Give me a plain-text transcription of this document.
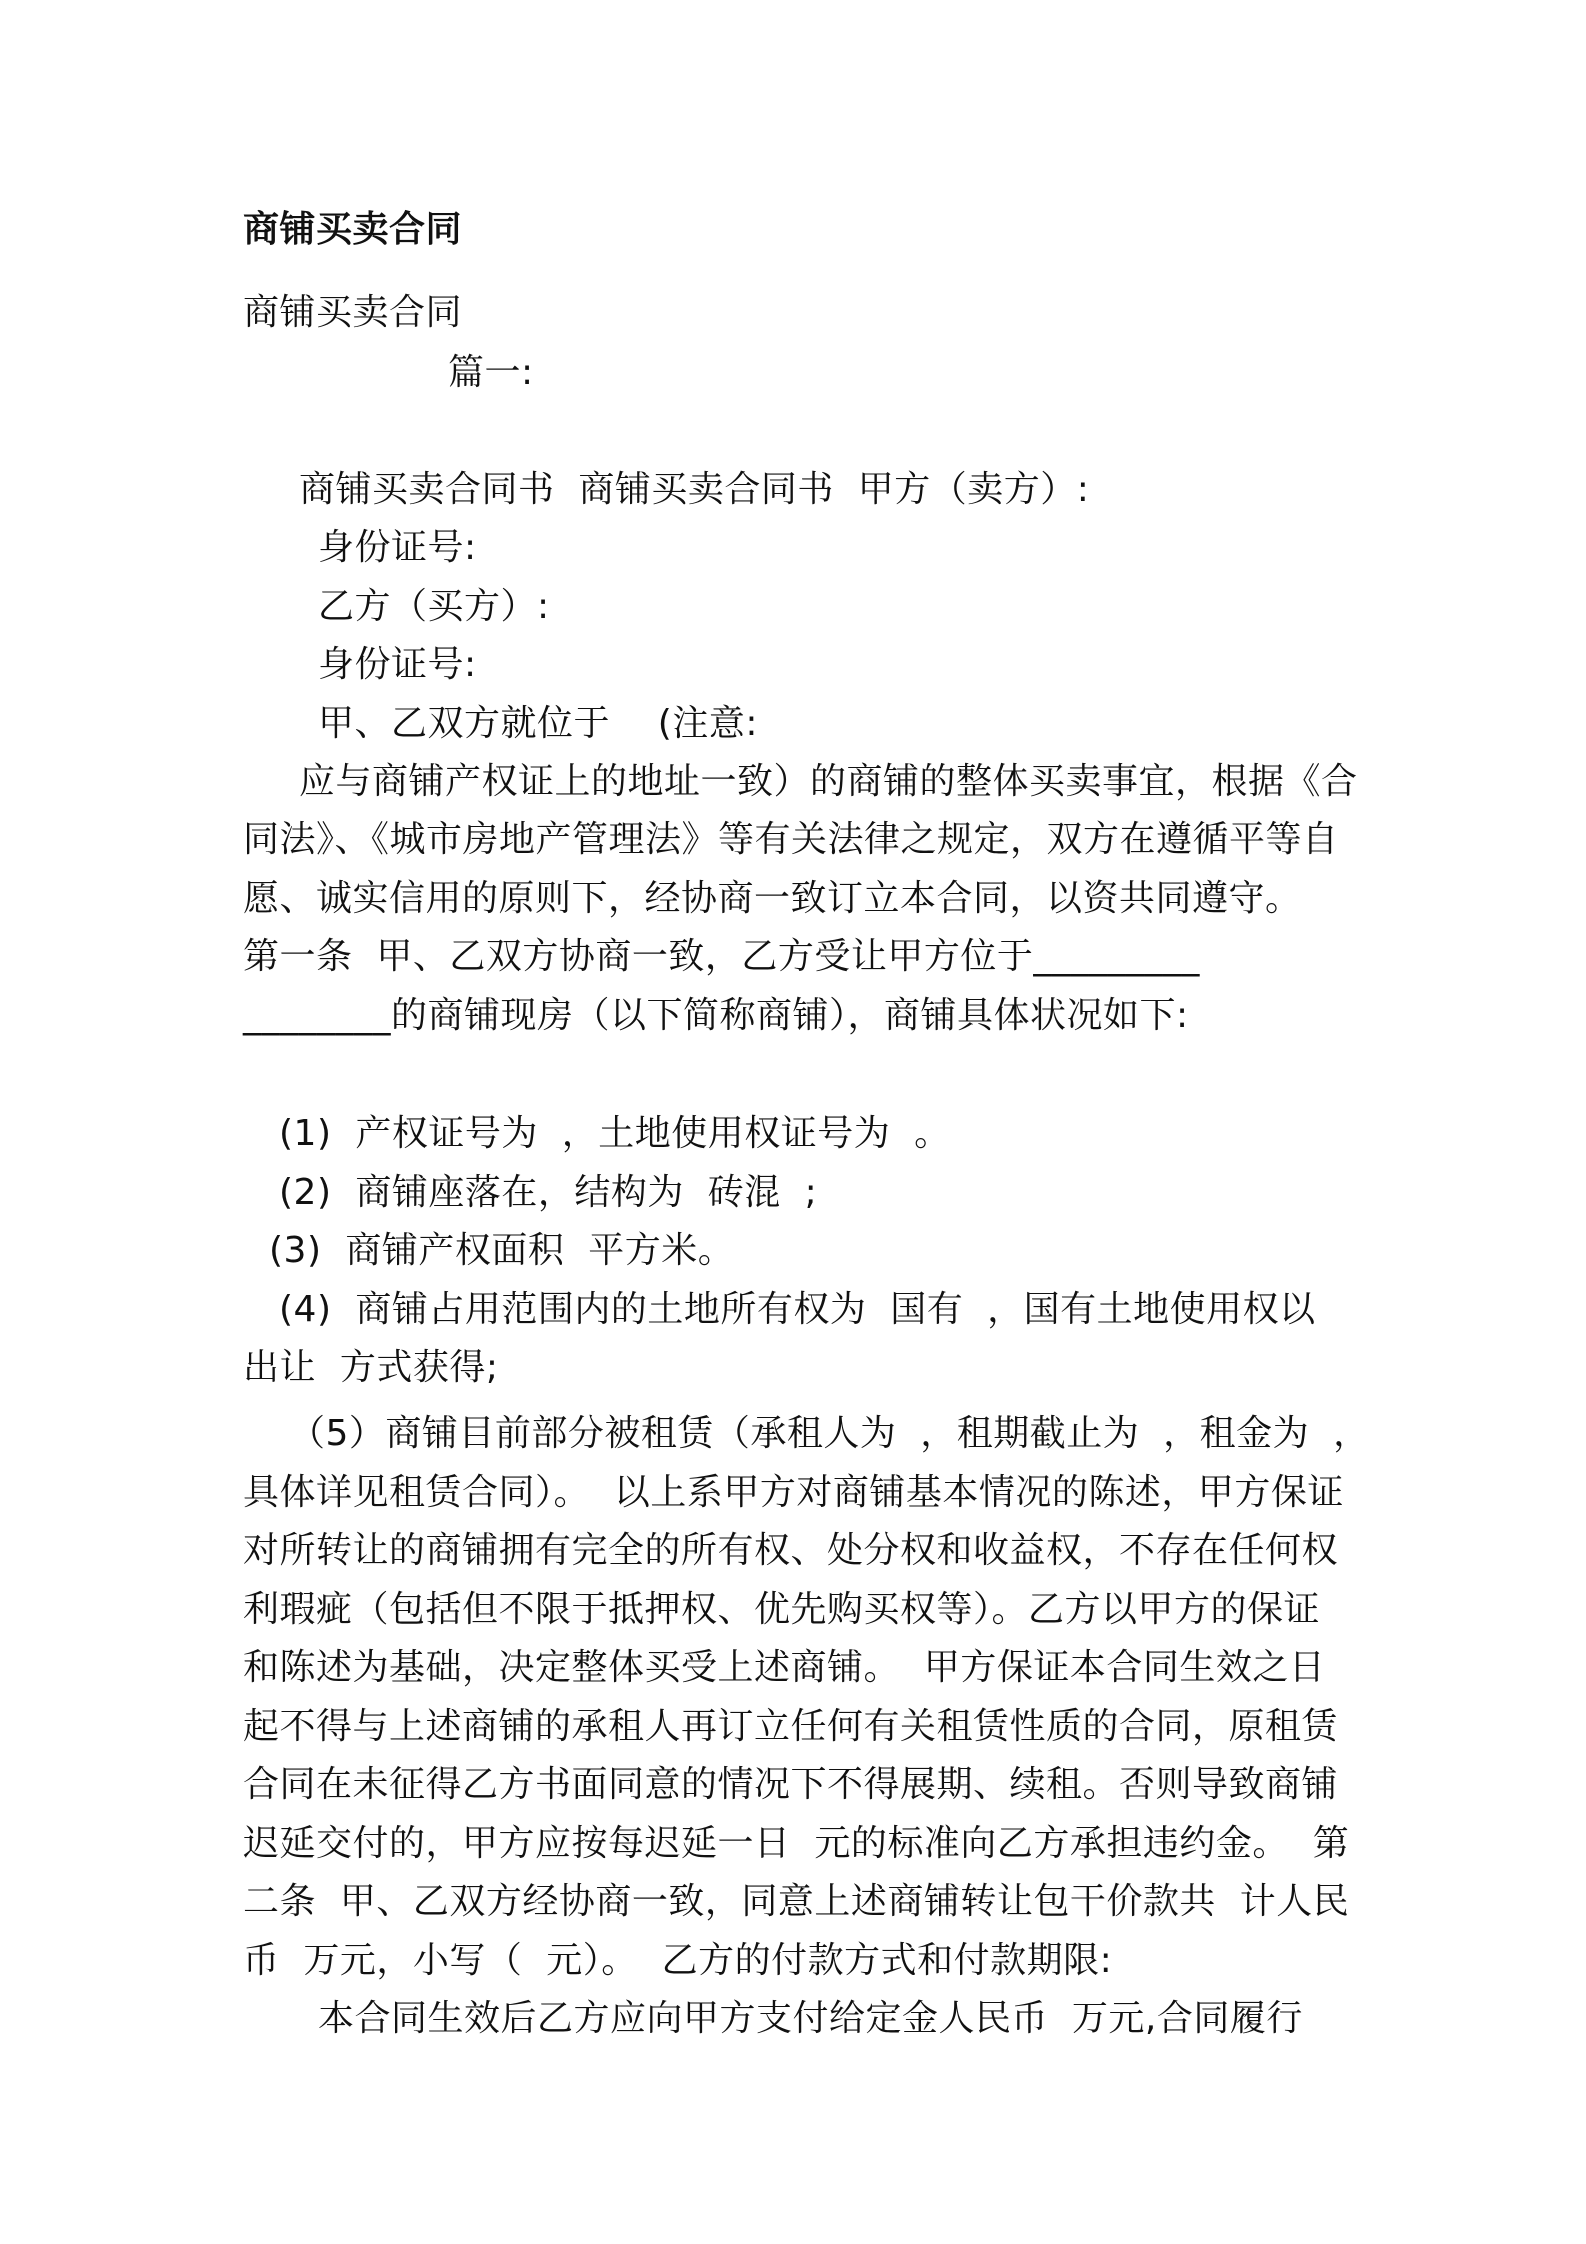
商铺买卖合同

商铺买卖合同

篇一:

商铺买卖合同书  商铺买卖合同书  甲方（卖方）:

身份证号:

乙方（买方）:

身份证号:

甲、乙双方就位于    (注意:

应与商铺产权证上的地址一致）的商铺的整体买卖事宜，根据《合

同法》、《城市房地产管理法》等有关法律之规定，双方在遵循平等自

愿、诚实信用的原则下，经协商一致订立本合同，以资共同遵守。

第一条  甲、乙双方协商一致，乙方受让甲方位于_________

________的商铺现房（以下简称商铺），商铺具体状况如下:

(1)  产权证号为  ，土地使用权证号为  。

(2)  商铺座落在，结构为  砖混  ;

(3)  商铺产权面积  平方米。

(4)  商铺占用范围内的土地所有权为  国有  ，国有土地使用权以

出让  方式获得;

（5）商铺目前部分被租赁（承租人为  ，租期截止为  ，租金为  ，

具体详见租赁合同）。  以上系甲方对商铺基本情况的陈述，甲方保证

对所转让的商铺拥有完全的所有权、处分权和收益权，不存在任何权

利瑕疵（包括但不限于抵押权、优先购买权等）。乙方以甲方的保证

和陈述为基础，决定整体买受上述商铺。  甲方保证本合同生效之日

起不得与上述商铺的承租人再订立任何有关租赁性质的合同，原租赁

合同在未征得乙方书面同意的情况下不得展期、续租。否则导致商铺

迟延交付的，甲方应按每迟延一日  元的标准向乙方承担违约金。  第

二条  甲、乙双方经协商一致，同意上述商铺转让包干价款共  计人民

币  万元，小写（  元）。  乙方的付款方式和付款期限:

本合同生效后乙方应向甲方支付给定金人民币  万元,合同履行
